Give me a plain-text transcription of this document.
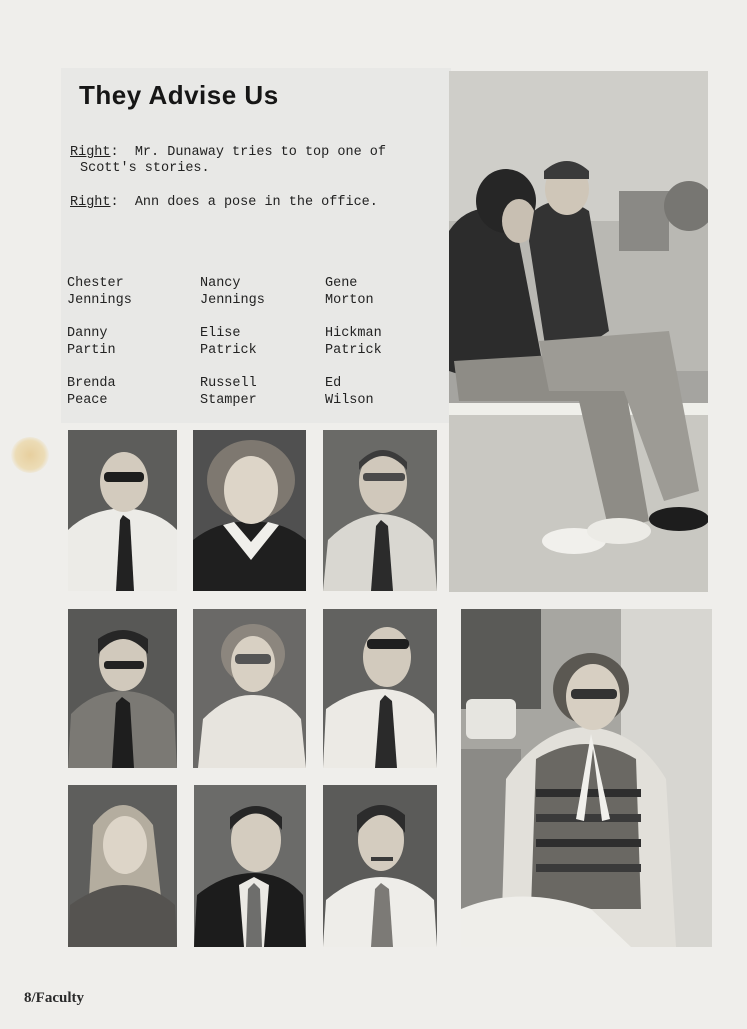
They Advise Us
Right:  Mr. Dunaway tries to top one of Scott's stories.
Right:  Ann does a pose in the office.
Chester
Jennings
Nancy
Jennings
Gene
Morton
Danny
Partin
Elise
Patrick
Hickman
Patrick
Brenda
Peace
Russell
Stamper
Ed
Wilson
8/Faculty
